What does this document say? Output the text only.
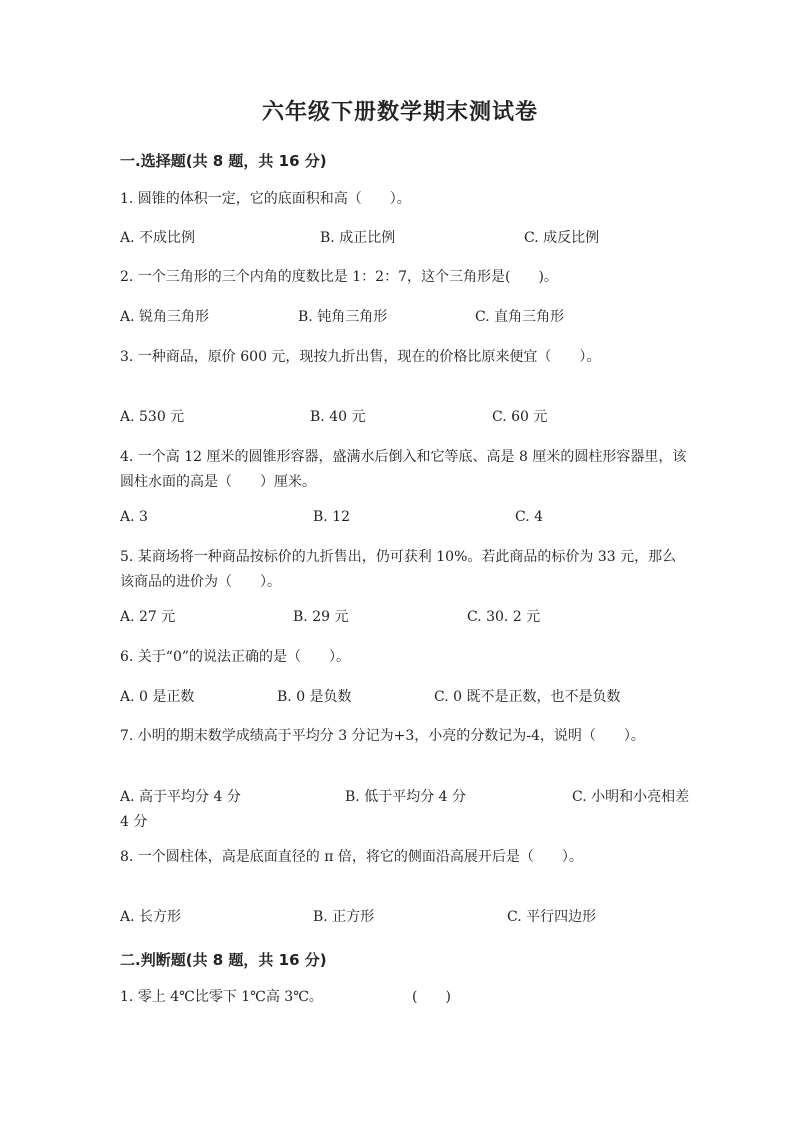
六年级下册数学期末测试卷
一.选择题(共 8 题，共 16 分)
1. 圆锥的体积一定，它的底面积和高（　　）。
A. 不成比例	B. 成正比例	C. 成反比例
2. 一个三角形的三个内角的度数比是 1：2：7，这个三角形是(　　)。
A. 锐角三角形	B. 钝角三角形	C. 直角三角形
3. 一种商品，原价 600 元，现按九折出售，现在的价格比原来便宜（　　）。
A. 530 元	B. 40 元	C. 60 元
4. 一个高 12 厘米的圆锥形容器，盛满水后倒入和它等底、高是 8 厘米的圆柱形容器里，该圆柱水面的高是（　　）厘米。
A. 3	B. 12	C. 4
5. 某商场将一种商品按标价的九折售出，仍可获利 10%。若此商品的标价为 33 元，那么该商品的进价为（　　）。
A. 27 元	B. 29 元	C. 30. 2 元
6. 关于“0”的说法正确的是（　　）。
A. 0 是正数	B. 0 是负数	C. 0 既不是正数，也不是负数
7. 小明的期末数学成绩高于平均分 3 分记为+3，小亮的分数记为-4，说明（　　）。
A. 高于平均分 4 分	B. 低于平均分 4 分	C. 小明和小亮相差 4 分
8. 一个圆柱体，高是底面直径的 π 倍，将它的侧面沿高展开后是（　　）。
A. 长方形	B. 正方形	C. 平行四边形
二.判断题(共 8 题，共 16 分)
1. 零上 4℃比零下 1℃高 3℃。	(　　)
